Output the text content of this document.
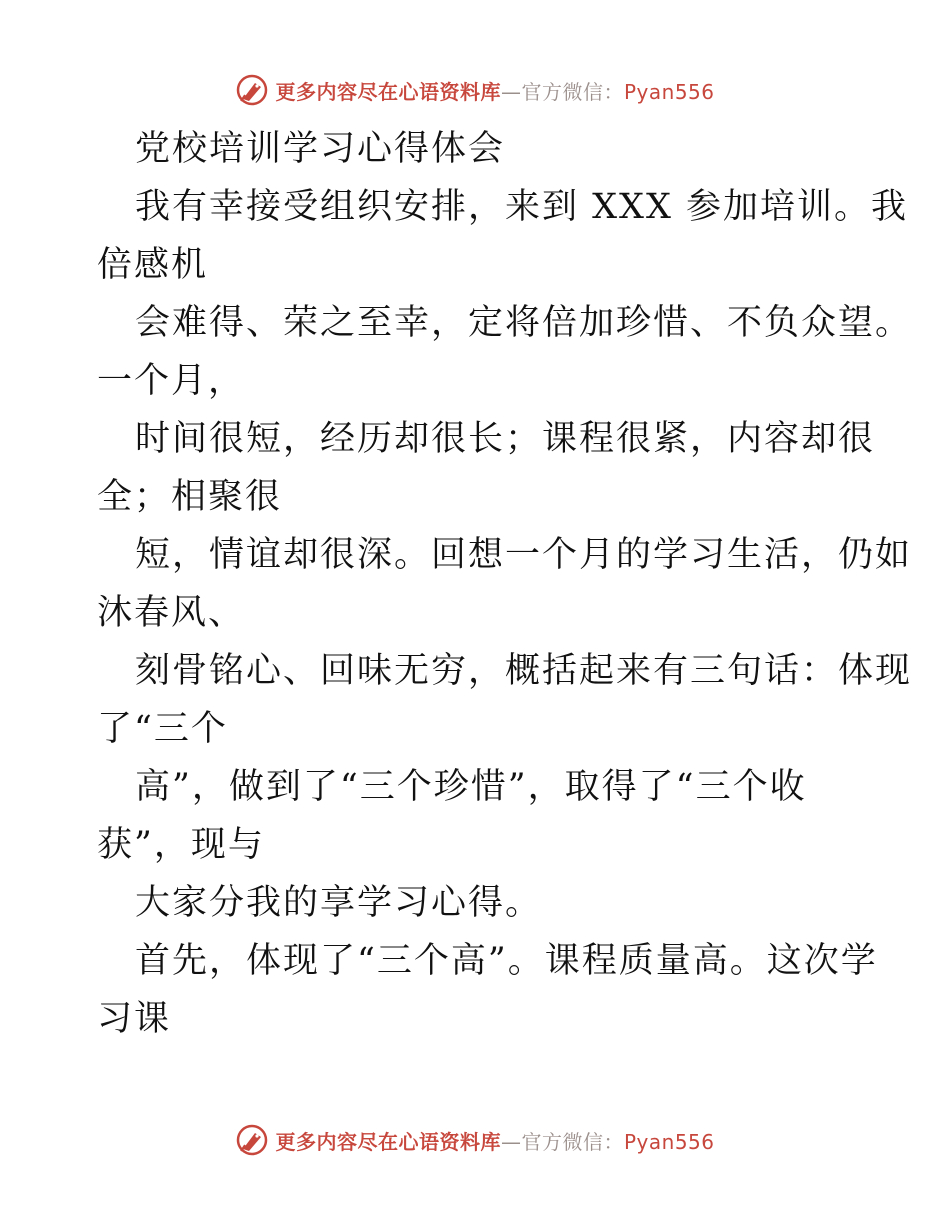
更多内容尽在心语资料库—官方微信：Pyan556
党校培训学习心得体会
我有幸接受组织安排，来到 XXX 参加培训。我
倍感机
会难得、荣之至幸，定将倍加珍惜、不负众望。
一个月，
时间很短，经历却很长；课程很紧，内容却很
全；相聚很
短，情谊却很深。回想一个月的学习生活，仍如
沐春风、
刻骨铭心、回味无穷，概括起来有三句话：体现
了“三个
高”，做到了“三个珍惜”，取得了“三个收
获”，现与
大家分我的享学习心得。
首先，体现了“三个高”。课程质量高。这次学
习课
更多内容尽在心语资料库—官方微信：Pyan556
